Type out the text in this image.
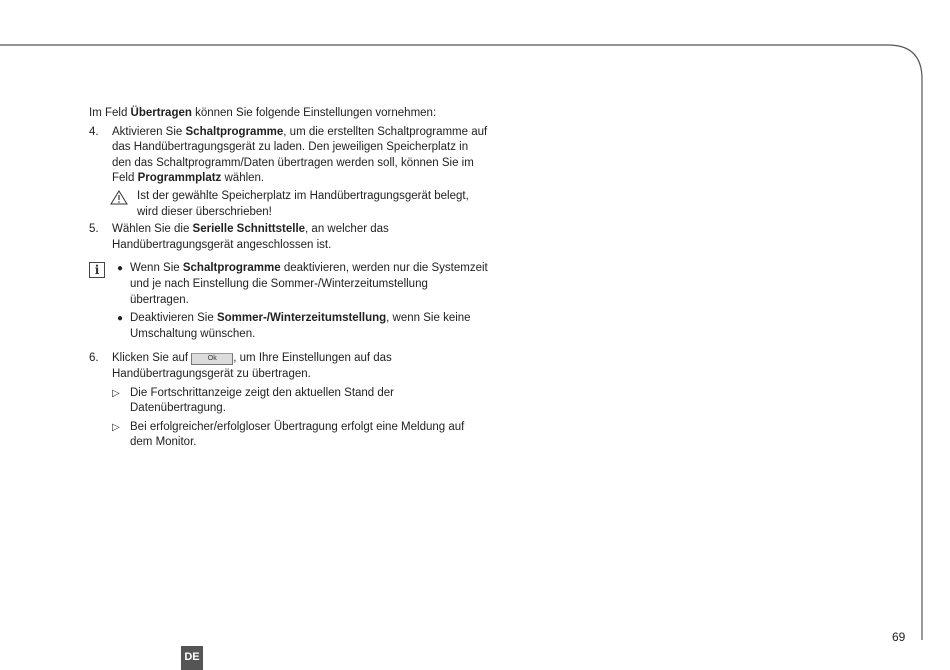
Im Feld Übertragen können Sie folgende Einstellungen vornehmen:
4. Aktivieren Sie Schaltprogramme, um die erstellten Schaltprogramme auf das Handübertragungsgerät zu laden. Den jeweiligen Speicherplatz in den das Schaltprogramm/Daten übertragen werden soll, können Sie im Feld Programmplatz wählen.
Ist der gewählte Speicherplatz im Handübertragungsgerät belegt, wird dieser überschrieben!
5. Wählen Sie die Serielle Schnittstelle, an welcher das Handübertragungsgerät angeschlossen ist.
i	● Wenn Sie Schaltprogramme deaktivieren, werden nur die Systemzeit und je nach Einstellung die Sommer-/Winterzeitumstellung übertragen.
● Deaktivieren Sie Sommer-/Winterzeitumstellung, wenn Sie keine Umschaltung wünschen.
6. Klicken Sie auf Ok , um Ihre Einstellungen auf das Handübertragungsgerät zu übertragen.
▷ Die Fortschrittanzeige zeigt den aktuellen Stand der Datenübertragung.
▷ Bei erfolgreicher/erfolgloser Übertragung erfolgt eine Meldung auf dem Monitor.
69
DE
